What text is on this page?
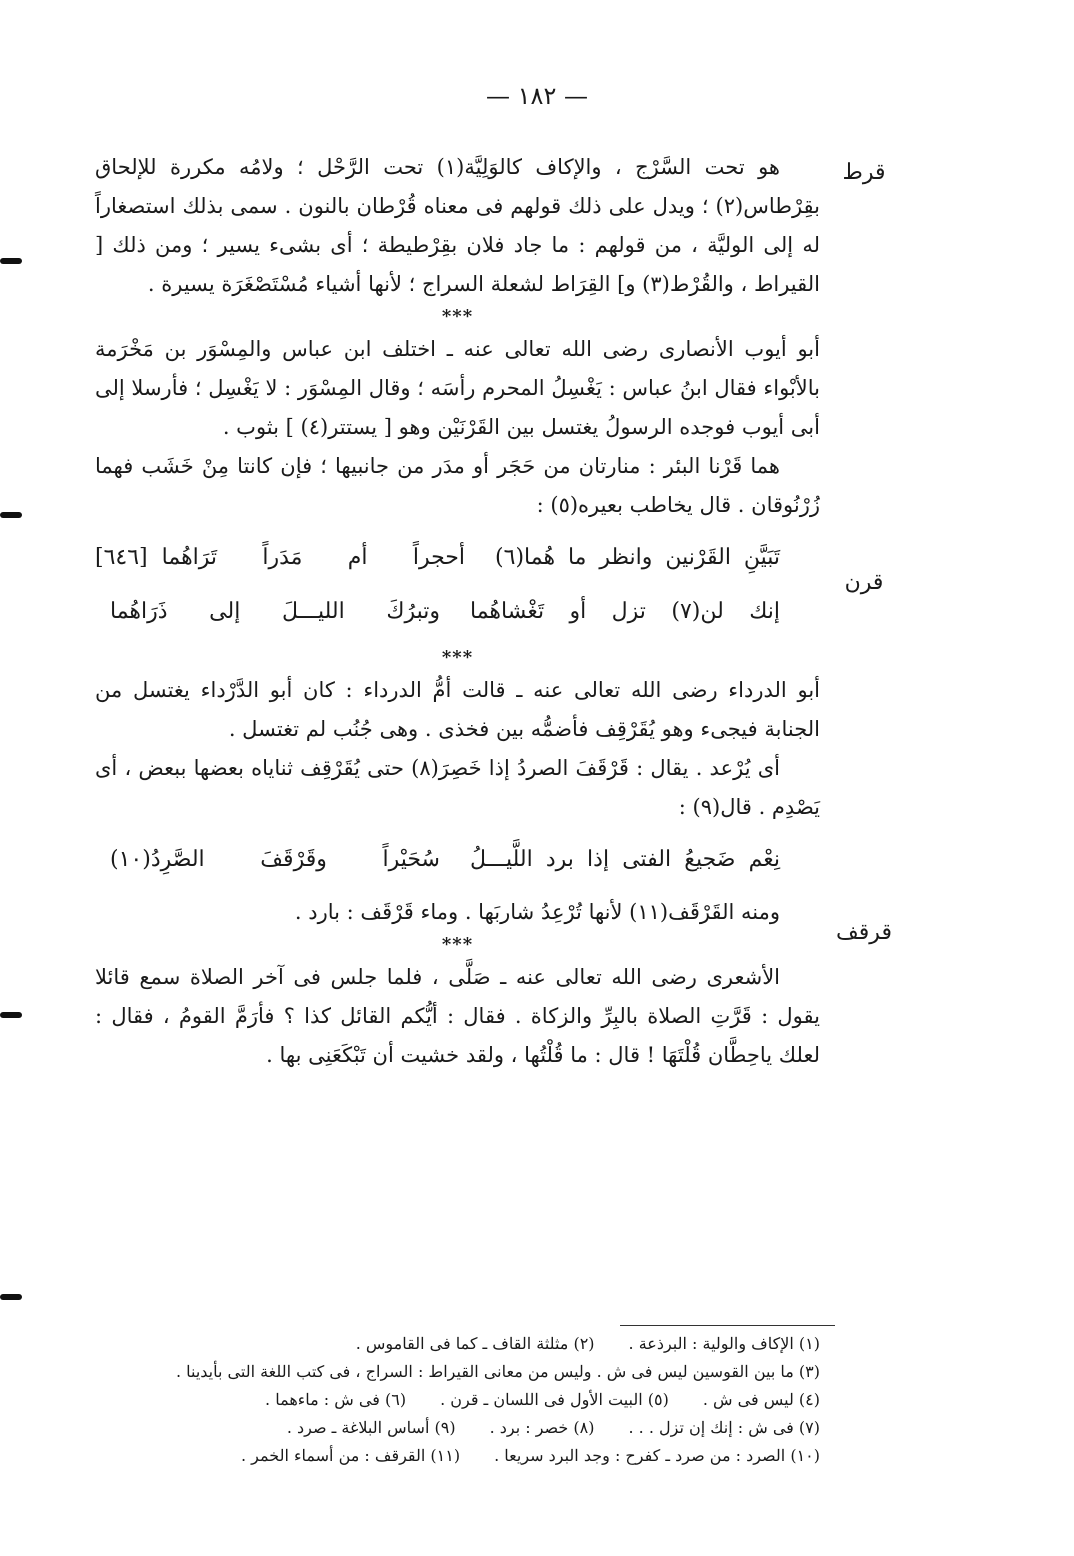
— ١٨٢ —
قرط
قرن
قرقف

هو تحت السَّرْج ، والإكاف كالوَلِيَّة(١) تحت الرَّحْل ؛ ولامُه مكررة للإلحاق بقِرْطاس(٢) ؛ ويدل على ذلك قولهم فى معناه قُرْطان بالنون . سمى بذلك استصغاراً له إلى الوليَّة ، من قولهم : ما جاد فلان بقِرْطيطة ؛ أى بشىء يسير ؛ ومن ذلك [ القيراط ، والقُرْط(٣) و] القِرَاط لشعلة السراج ؛ لأنها أشياء مُسْتَصْغَرَة يسيرة .

***

أبو أيوب الأنصارى رضى الله تعالى عنه ـ اختلف ابن عباس والمِسْوَر بن مَخْرَمة بالأبْواء فقال ابنُ عباس : يَغْسِلُ المحرم رأسَه ؛ وقال المِسْوَر : لا يَغْسِل ؛ فأرسلا إلى أبى أيوب فوجده الرسولُ يغتسل بين القَرْنَيْن وهو [ يستتر(٤) ] بثوب .

هما قَرْنا البئر : منارتان من حَجَر أو مدَر من جانبيها ؛ فإن كانتا مِنْ خَشَب فهما زُرْنُوقان . قال يخاطب بعيره(٥) :

تَبَيَّنِ القَرْنين وانظر ما هُما(٦)
أحجراً أم مَدَراً تَرَاهُما
[٦٤٦]
إنك لن(٧) تزل أو تَغْشاهُما
وتبرُكَ الليـــلَ إلى ذَرَاهُما
***

أبو الدرداء رضى الله تعالى عنه ـ قالت أمُّ الدرداء : كان أبو الدَّرْداء يغتسل من الجنابة فيجىء وهو يُقَرْقِف فأضمُّه بين فخذى . وهى جُنُب لم تغتسل .

أى يُرْعد . يقال : قَرْقَفَ الصردُ إذا خَصِرَ(٨) حتى يُقَرْقِف ثناياه بعضها ببعض ، أى يَصْدِم . قال(٩) :

نِعْم ضَجيعُ الفتى إذا برد اللَّيـــلُ
سُحَيْراً وقَرْقَفَ الصَّرِدُ(١٠)

ومنه القَرْقَف(١١) لأنها تُرْعِدُ شاربَها . وماء قَرْقَف : بارد .

***

الأشعرى رضى الله تعالى عنه ـ صَلَّى ، فلما جلس فى آخر الصلاة سمع قائلا يقول : قَرَّتِ الصلاة بالبِرِّ والزكاة . فقال : أيُّكم القائل كذا ؟ فأرَمَّ القومُ ، فقال : لعلك ياحِطَّان قُلْتَهَا ! قال : ما قُلْتُها ، ولقد خشيت أن تَبْكَعَنِى بها .

(١) الإكاف والولية : البرذعة .
(٢) مثلثة القاف ـ كما فى القاموس .
(٣) ما بين القوسين ليس فى ش . وليس من معانى القيراط : السراج ، فى كتب اللغة التى بأيدينا .
(٤) ليس فى ش .
(٥) البيت الأول فى اللسان ـ قرن .
(٦) فى ش : ماءهما .
(٧) فى ش : إنك إن تزل . . .
(٨) خصر : برد .
(٩) أساس البلاغة ـ صرد .
(١٠) الصرد : من صرد ـ كفرح : وجد البرد سريعا .
(١١) القرقف : من أسماء الخمر .
